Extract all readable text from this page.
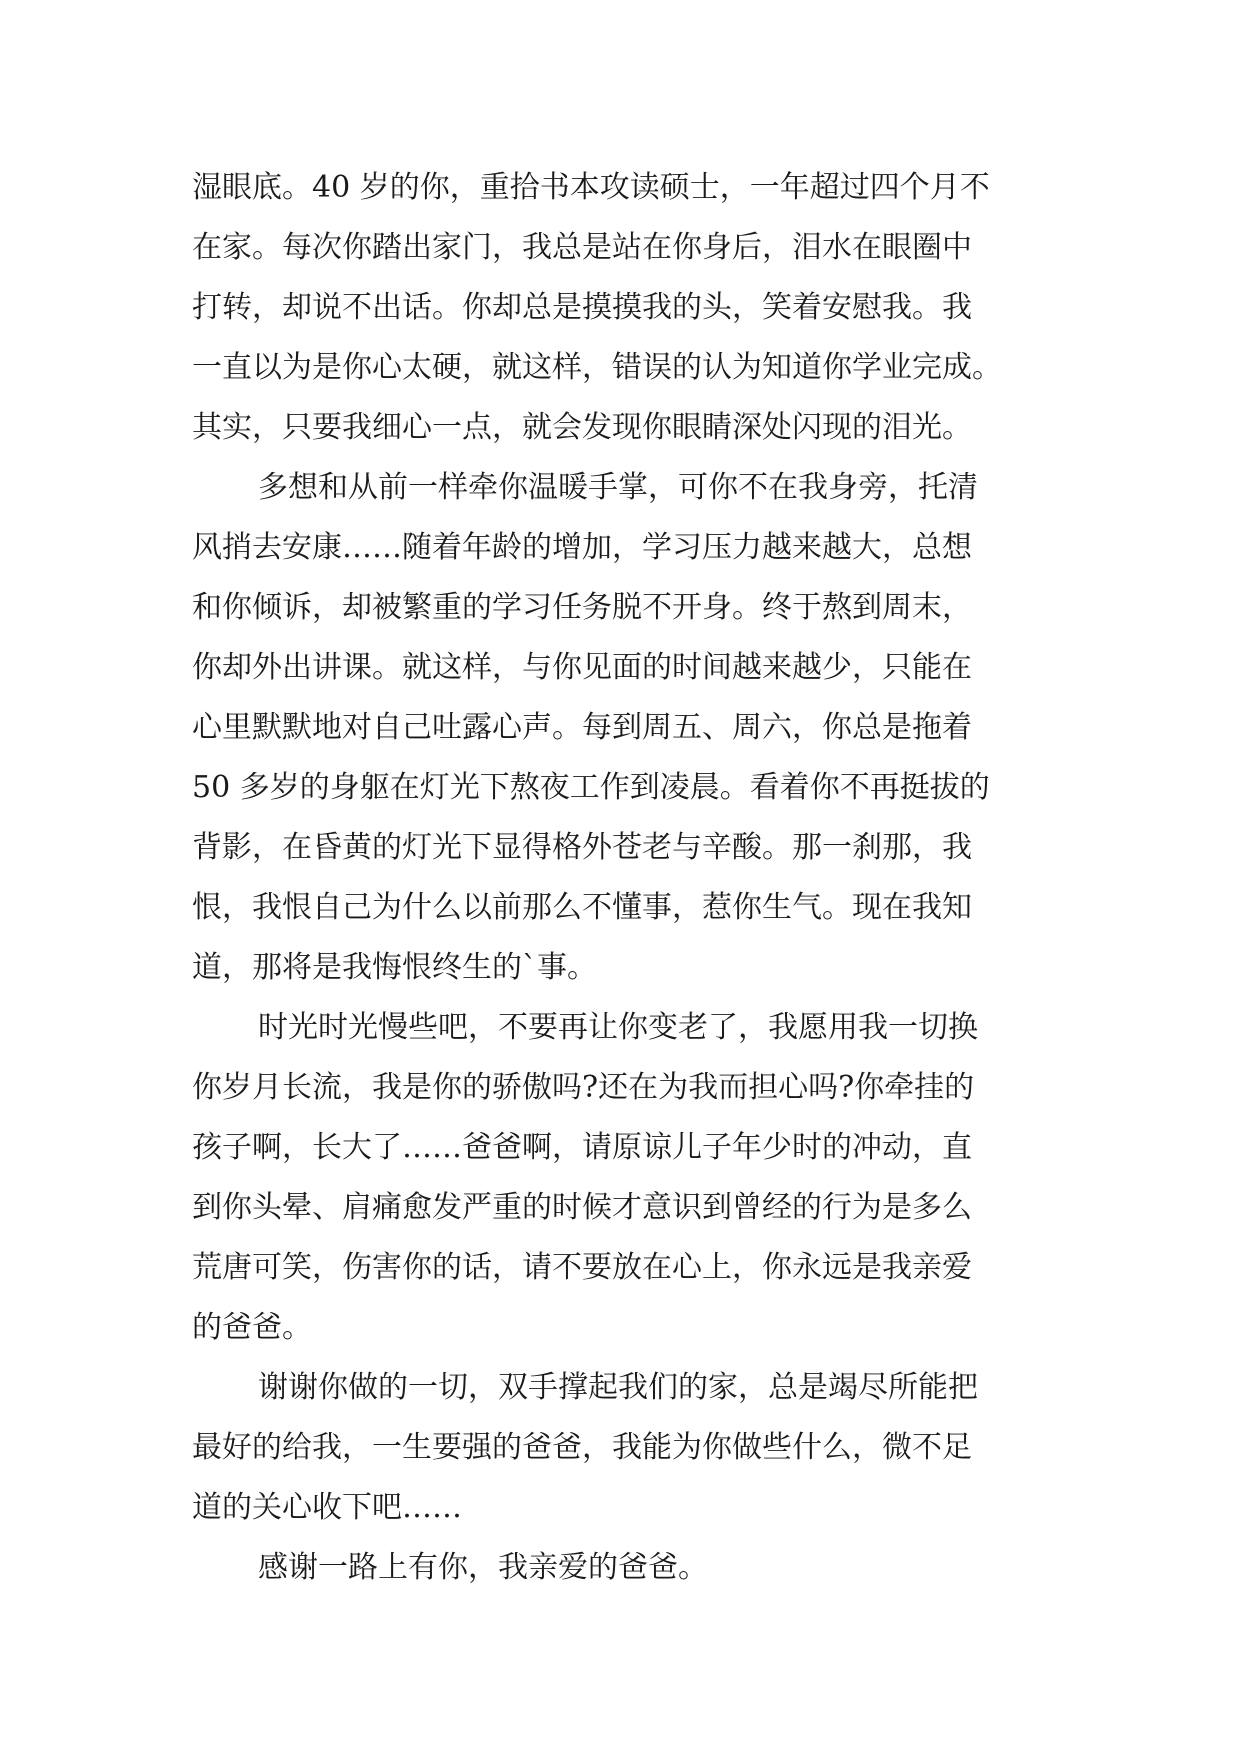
湿眼底。40 岁的你，重拾书本攻读硕士，一年超过四个月不
在家。每次你踏出家门，我总是站在你身后，泪水在眼圈中
打转，却说不出话。你却总是摸摸我的头，笑着安慰我。我
一直以为是你心太硬，就这样，错误的认为知道你学业完成。
其实，只要我细心一点，就会发现你眼睛深处闪现的泪光。
多想和从前一样牵你温暖手掌，可你不在我身旁，托清
风捎去安康……随着年龄的增加，学习压力越来越大，总想
和你倾诉，却被繁重的学习任务脱不开身。终于熬到周末，
你却外出讲课。就这样，与你见面的时间越来越少，只能在
心里默默地对自己吐露心声。每到周五、周六，你总是拖着
50 多岁的身躯在灯光下熬夜工作到凌晨。看着你不再挺拔的
背影，在昏黄的灯光下显得格外苍老与辛酸。那一刹那，我
恨，我恨自己为什么以前那么不懂事，惹你生气。现在我知
道，那将是我悔恨终生的`事。
时光时光慢些吧，不要再让你变老了，我愿用我一切换
你岁月长流，我是你的骄傲吗?还在为我而担心吗?你牵挂的
孩子啊，长大了……爸爸啊，请原谅儿子年少时的冲动，直
到你头晕、肩痛愈发严重的时候才意识到曾经的行为是多么
荒唐可笑，伤害你的话，请不要放在心上，你永远是我亲爱
的爸爸。
谢谢你做的一切，双手撑起我们的家，总是竭尽所能把
最好的给我，一生要强的爸爸，我能为你做些什么，微不足
道的关心收下吧……
感谢一路上有你，我亲爱的爸爸。
